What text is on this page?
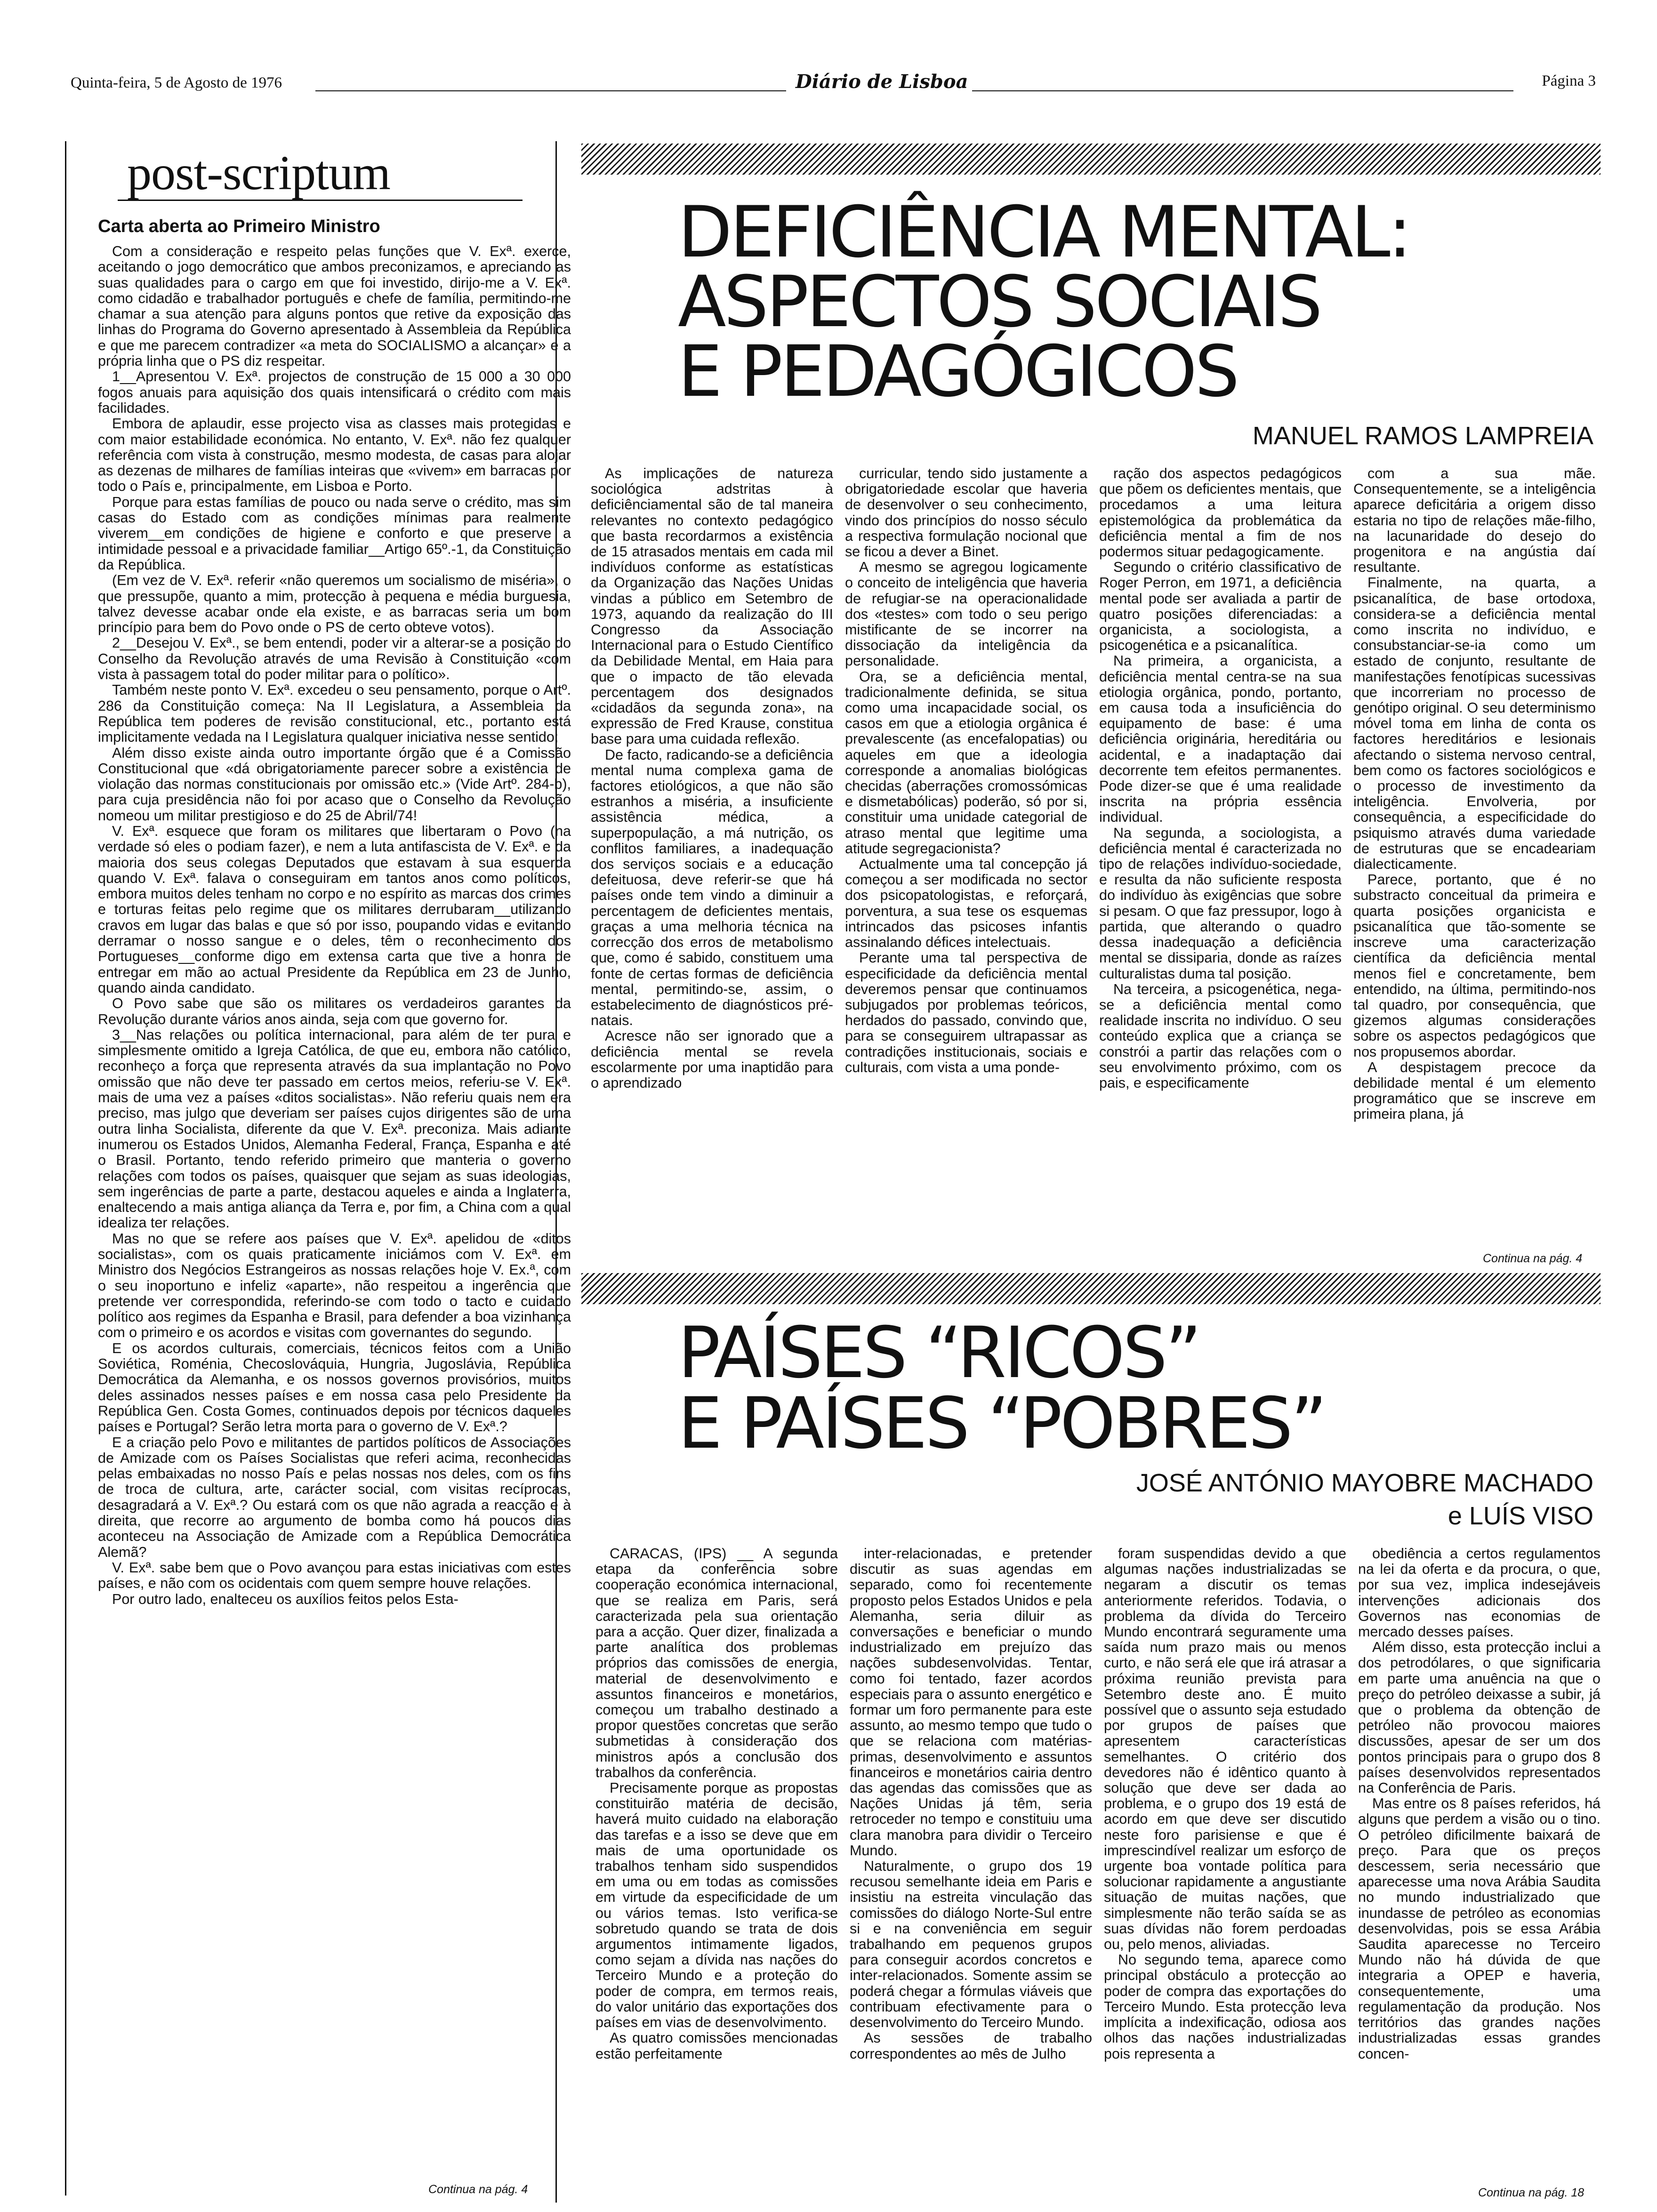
Quinta-feira, 5 de Agosto de 1976	Diário de Lisboa	Página 3
post-scriptum
Carta aberta ao Primeiro Ministro

Com a consideração e respeito pelas funções que V. Exª. exerce, aceitando o jogo democrático que ambos preconizamos, e apreciando as suas qualidades para o cargo em que foi investido, dirijo-me a V. Exª. como cidadão e trabalhador português e chefe de família, permitindo-me chamar a sua atenção para alguns pontos que retive da exposição das linhas do Programa do Governo apresentado à Assembleia da República e que me parecem contradizer «a meta do SOCIALISMO a alcançar» e a própria linha que o PS diz respeitar.

1__Apresentou V. Exª. projectos de construção de 15 000 a 30 000 fogos anuais para aquisição dos quais intensificará o crédito com mais facilidades.

Embora de aplaudir, esse projecto visa as classes mais protegidas e com maior estabilidade económica. No entanto, V. Exª. não fez qualquer referência com vista à construção, mesmo modesta, de casas para alojar as dezenas de milhares de famílias inteiras que «vivem» em barracas por todo o País e, principalmente, em Lisboa e Porto.

Porque para estas famílias de pouco ou nada serve o crédito, mas sim casas do Estado com as condições mínimas para realmente viverem__em condições de higiene e conforto e que preserve a intimidade pessoal e a privacidade familiar__Artigo 65º.-1, da Constituição da República.

(Em vez de V. Exª. referir «não queremos um socialismo de miséria», o que pressupõe, quanto a mim, protecção à pequena e média burguesia, talvez devesse acabar onde ela existe, e as barracas seria um bom princípio para bem do Povo onde o PS de certo obteve votos).

2__Desejou V. Exª., se bem entendi, poder vir a alterar-se a posição do Conselho da Revolução através de uma Revisão à Constituição «com vista à passagem total do poder militar para o político».

Também neste ponto V. Exª. excedeu o seu pensamento, porque o Artº. 286 da Constituição começa: Na II Legislatura, a Assembleia da República tem poderes de revisão constitucional, etc., portanto está implicitamente vedada na I Legislatura qualquer iniciativa nesse sentido;

Além disso existe ainda outro importante órgão que é a Comissão Constitucional que «dá obrigatoriamente parecer sobre a existência de violação das normas constitucionais por omissão etc.» (Vide Artº. 284-b), para cuja presidência não foi por acaso que o Conselho da Revolução nomeou um militar prestigioso e do 25 de Abril/74!

V. Exª. esquece que foram os militares que libertaram o Povo (na verdade só eles o podiam fazer), e nem a luta antifascista de V. Exª. e da maioria dos seus colegas Deputados que estavam à sua esquerda quando V. Exª. falava o conseguiram em tantos anos como políticos, embora muitos deles tenham no corpo e no espírito as marcas dos crimes e torturas feitas pelo regime que os militares derrubaram__utilizando cravos em lugar das balas e que só por isso, poupando vidas e evitando derramar o nosso sangue e o deles, têm o reconhecimento dos Portugueses__conforme digo em extensa carta que tive a honra de entregar em mão ao actual Presidente da República em 23 de Junho, quando ainda candidato.

O Povo sabe que são os militares os verdadeiros garantes da Revolução durante vários anos ainda, seja com que governo for.

3__Nas relações ou política internacional, para além de ter pura e simplesmente omitido a Igreja Católica, de que eu, embora não católico, reconheço a força que representa através da sua implantação no Povo omissão que não deve ter passado em certos meios, referiu-se V. Exª. mais de uma vez a países «ditos socialistas». Não referiu quais nem era preciso, mas julgo que deveriam ser países cujos dirigentes são de uma outra linha Socialista, diferente da que V. Exª. preconiza. Mais adiante inumerou os Estados Unidos, Alemanha Federal, França, Espanha e até o Brasil. Portanto, tendo referido primeiro que manteria o governo relações com todos os países, quaisquer que sejam as suas ideologias, sem ingerências de parte a parte, destacou aqueles e ainda a Inglaterra, enaltecendo a mais antiga aliança da Terra e, por fim, a China com a qual idealiza ter relações.

Mas no que se refere aos países que V. Exª. apelidou de «ditos socialistas», com os quais praticamente iniciámos com V. Exª. em Ministro dos Negócios Estrangeiros as nossas relações hoje V. Ex.ª, com o seu inoportuno e infeliz «aparte», não respeitou a ingerência que pretende ver correspondida, referindo-se com todo o tacto e cuidado político aos regimes da Espanha e Brasil, para defender a boa vizinhança com o primeiro e os acordos e visitas com governantes do segundo.

E os acordos culturais, comerciais, técnicos feitos com a União Soviética, Roménia, Checoslováquia, Hungria, Jugoslávia, República Democrática da Alemanha, e os nossos governos provisórios, muitos deles assinados nesses países e em nossa casa pelo Presidente da República Gen. Costa Gomes, continuados depois por técnicos daqueles países e Portugal? Serão letra morta para o governo de V. Exª.?

E a criação pelo Povo e militantes de partidos políticos de Associações de Amizade com os Países Socialistas que referi acima, reconhecidas pelas embaixadas no nosso País e pelas nossas nos deles, com os fins de troca de cultura, arte, carácter social, com visitas recíprocas, desagradará a V. Exª.? Ou estará com os que não agrada a reacção e à direita, que recorre ao argumento de bomba como há poucos dias aconteceu na Associação de Amizade com a República Democrática Alemã?

V. Exª. sabe bem que o Povo avançou para estas iniciativas com estes países, e não com os ocidentais com quem sempre houve relações.

Por outro lado, enalteceu os auxílios feitos pelos Esta-

Continua na pág. 4
DEFICIÊNCIA MENTAL:
ASPECTOS SOCIAIS
E PEDAGÓGICOS
MANUEL RAMOS LAMPREIA

As implicações de natureza sociológica adstritas à deficiênciamental são de tal maneira relevantes no contexto pedagógico que basta recordarmos a existência de 15 atrasados mentais em cada mil indivíduos conforme as estatísticas da Organização das Nações Unidas vindas a público em Setembro de 1973, aquando da realização do III Congresso da Associação Internacional para o Estudo Científico da Debilidade Mental, em Haia para que o impacto de tão elevada percentagem dos designados «cidadãos da segunda zona», na expressão de Fred Krause, constitua base para uma cuidada reflexão.

De facto, radicando-se a deficiência mental numa complexa gama de factores etiológicos, a que não são estranhos a miséria, a insuficiente assistência médica, a superpopulação, a má nutrição, os conflitos familiares, a inadequação dos serviços sociais e a educação defeituosa, deve referir-se que há países onde tem vindo a diminuir a percentagem de deficientes mentais, graças a uma melhoria técnica na correcção dos erros de metabolismo que, como é sabido, constituem uma fonte de certas formas de deficiência mental, permitindo-se, assim, o estabelecimento de diagnósticos pré-natais.

Acresce não ser ignorado que a deficiência mental se revela escolarmente por uma inaptidão para o aprendizado

curricular, tendo sido justamente a obrigatoriedade escolar que haveria de desenvolver o seu conhecimento, vindo dos princípios do nosso século a respectiva formulação nocional que se ficou a dever a Binet.

A mesmo se agregou logicamente o conceito de inteligência que haveria de refugiar-se na operacionalidade dos «testes» com todo o seu perigo mistificante de se incorrer na dissociação da inteligência da personalidade.

Ora, se a deficiência mental, tradicionalmente definida, se situa como uma incapacidade social, os casos em que a etiologia orgânica é prevalescente (as encefalopatias) ou aqueles em que a ideologia corresponde a anomalias biológicas checidas (aberrações cromossómicas e dismetabólicas) poderão, só por si, constituir uma unidade categorial de atraso mental que legitime uma atitude segregacionista?

Actualmente uma tal concepção já começou a ser modificada no sector dos psicopatologistas, e reforçará, porventura, a sua tese os esquemas intrincados das psicoses infantis assinalando défices intelectuais.

Perante uma tal perspectiva de especificidade da deficiência mental deveremos pensar que continuamos subjugados por problemas teóricos, herdados do passado, convindo que, para se conseguirem ultrapassar as contradições institucionais, sociais e culturais, com vista a uma ponde-

ração dos aspectos pedagógicos que põem os deficientes mentais, que procedamos a uma leitura epistemológica da problemática da deficiência mental a fim de nos podermos situar pedagogicamente.

Segundo o critério classificativo de Roger Perron, em 1971, a deficiência mental pode ser avaliada a partir de quatro posições diferenciadas: a organicista, a sociologista, a psicogenética e a psicanalítica.

Na primeira, a organicista, a deficiência mental centra-se na sua etiologia orgânica, pondo, portanto, em causa toda a insuficiência do equipamento de base: é uma deficiência originária, hereditária ou acidental, e a inadaptação dai decorrente tem efeitos permanentes. Pode dizer-se que é uma realidade inscrita na própria essência individual.

Na segunda, a sociologista, a deficiência mental é caracterizada no tipo de relações indivíduo-sociedade, e resulta da não suficiente resposta do indivíduo às exigências que sobre si pesam. O que faz pressupor, logo à partida, que alterando o quadro dessa inadequação a deficiência mental se dissiparia, donde as raízes culturalistas duma tal posição.

Na terceira, a psicogenética, nega-se a deficiência mental como realidade inscrita no indivíduo. O seu conteúdo explica que a criança se constrói a partir das relações com o seu envolvimento próximo, com os pais, e especificamente

com a sua mãe. Consequentemente, se a inteligência aparece deficitária a origem disso estaria no tipo de relações mãe-filho, na lacunaridade do desejo do progenitora e na angústia daí resultante.

Finalmente, na quarta, a psicanalítica, de base ortodoxa, considera-se a deficiência mental como inscrita no indivíduo, e consubstanciar-se-ia como um estado de conjunto, resultante de manifestações fenotípicas sucessivas que incorreriam no processo de genótipo original. O seu determinismo móvel toma em linha de conta os factores hereditários e lesionais afectando o sistema nervoso central, bem como os factores sociológicos e o processo de investimento da inteligência. Envolveria, por consequência, a especificidade do psiquismo através duma variedade de estruturas que se encadeariam dialecticamente.

Parece, portanto, que é no substracto conceitual da primeira e quarta posições organicista e psicanalítica que tão-somente se inscreve uma caracterização científica da deficiência mental menos fiel e concretamente, bem entendido, na última, permitindo-nos tal quadro, por consequência, que gizemos algumas considerações sobre os aspectos pedagógicos que nos propusemos abordar.

A despistagem precoce da debilidade mental é um elemento programático que se inscreve em primeira plana, já

Continua na pág. 4
PAÍSES “RICOS”
E PAÍSES “POBRES”
JOSÉ ANTÓNIO MAYOBRE MACHADO
e LUÍS VISO

CARACAS, (IPS) __ A segunda etapa da conferência sobre cooperação económica internacional, que se realiza em Paris, será caracterizada pela sua orientação para a acção. Quer dizer, finalizada a parte analítica dos problemas próprios das comissões de energia, material de desenvolvimento e assuntos financeiros e monetários, começou um trabalho destinado a propor questões concretas que serão submetidas à consideração dos ministros após a conclusão dos trabalhos da conferência.

Precisamente porque as propostas constituirão matéria de decisão, haverá muito cuidado na elaboração das tarefas e a isso se deve que em mais de uma oportunidade os trabalhos tenham sido suspendidos em uma ou em todas as comissões em virtude da especificidade de um ou vários temas. Isto verifica-se sobretudo quando se trata de dois argumentos intimamente ligados, como sejam a dívida nas nações do Terceiro Mundo e a proteção do poder de compra, em termos reais, do valor unitário das exportações dos países em vias de desenvolvimento.

As quatro comissões mencionadas estão perfeitamente

inter-relacionadas, e pretender discutir as suas agendas em separado, como foi recentemente proposto pelos Estados Unidos e pela Alemanha, seria diluir as conversações e beneficiar o mundo industrializado em prejuízo das nações subdesenvolvidas. Tentar, como foi tentado, fazer acordos especiais para o assunto energético e formar um foro permanente para este assunto, ao mesmo tempo que tudo o que se relaciona com matérias-primas, desenvolvimento e assuntos financeiros e monetários cairia dentro das agendas das comissões que as Nações Unidas já têm, seria retroceder no tempo e constituiu uma clara manobra para dividir o Terceiro Mundo.

Naturalmente, o grupo dos 19 recusou semelhante ideia em Paris e insistiu na estreita vinculação das comissões do diálogo Norte-Sul entre si e na conveniência em seguir trabalhando em pequenos grupos para conseguir acordos concretos e inter-relacionados. Somente assim se poderá chegar a fórmulas viáveis que contribuam efectivamente para o desenvolvimento do Terceiro Mundo.

As sessões de trabalho correspondentes ao mês de Julho

foram suspendidas devido a que algumas nações industrializadas se negaram a discutir os temas anteriormente referidos. Todavia, o problema da dívida do Terceiro Mundo encontrará seguramente uma saída num prazo mais ou menos curto, e não será ele que irá atrasar a próxima reunião prevista para Setembro deste ano. É muito possível que o assunto seja estudado por grupos de países que apresentem características semelhantes. O critério dos devedores não é idêntico quanto à solução que deve ser dada ao problema, e o grupo dos 19 está de acordo em que deve ser discutido neste foro parisiense e que é imprescindível realizar um esforço de urgente boa vontade política para solucionar rapidamente a angustiante situação de muitas nações, que simplesmente não terão saída se as suas dívidas não forem perdoadas ou, pelo menos, aliviadas.

No segundo tema, aparece como principal obstáculo a protecção ao poder de compra das exportações do Terceiro Mundo. Esta protecção leva implícita a indexificação, odiosa aos olhos das nações industrializadas pois representa a

obediência a certos regulamentos na lei da oferta e da procura, o que, por sua vez, implica indesejáveis intervenções adicionais dos Governos nas economias de mercado desses países.

Além disso, esta protecção inclui a dos petrodólares, o que significaria em parte uma anuência na que o preço do petróleo deixasse a subir, já que o problema da obtenção de petróleo não provocou maiores discussões, apesar de ser um dos pontos principais para o grupo dos 8 países desenvolvidos representados na Conferência de Paris.

Mas entre os 8 países referidos, há alguns que perdem a visão ou o tino. O petróleo dificilmente baixará de preço. Para que os preços descessem, seria necessário que aparecesse uma nova Arábia Saudita no mundo industrializado que inundasse de petróleo as economias desenvolvidas, pois se essa Arábia Saudita aparecesse no Terceiro Mundo não há dúvida de que integraria a OPEP e haveria, consequentemente, uma regulamentação da produção. Nos territórios das grandes nações industrializadas essas grandes concen-

Continua na pág. 18
